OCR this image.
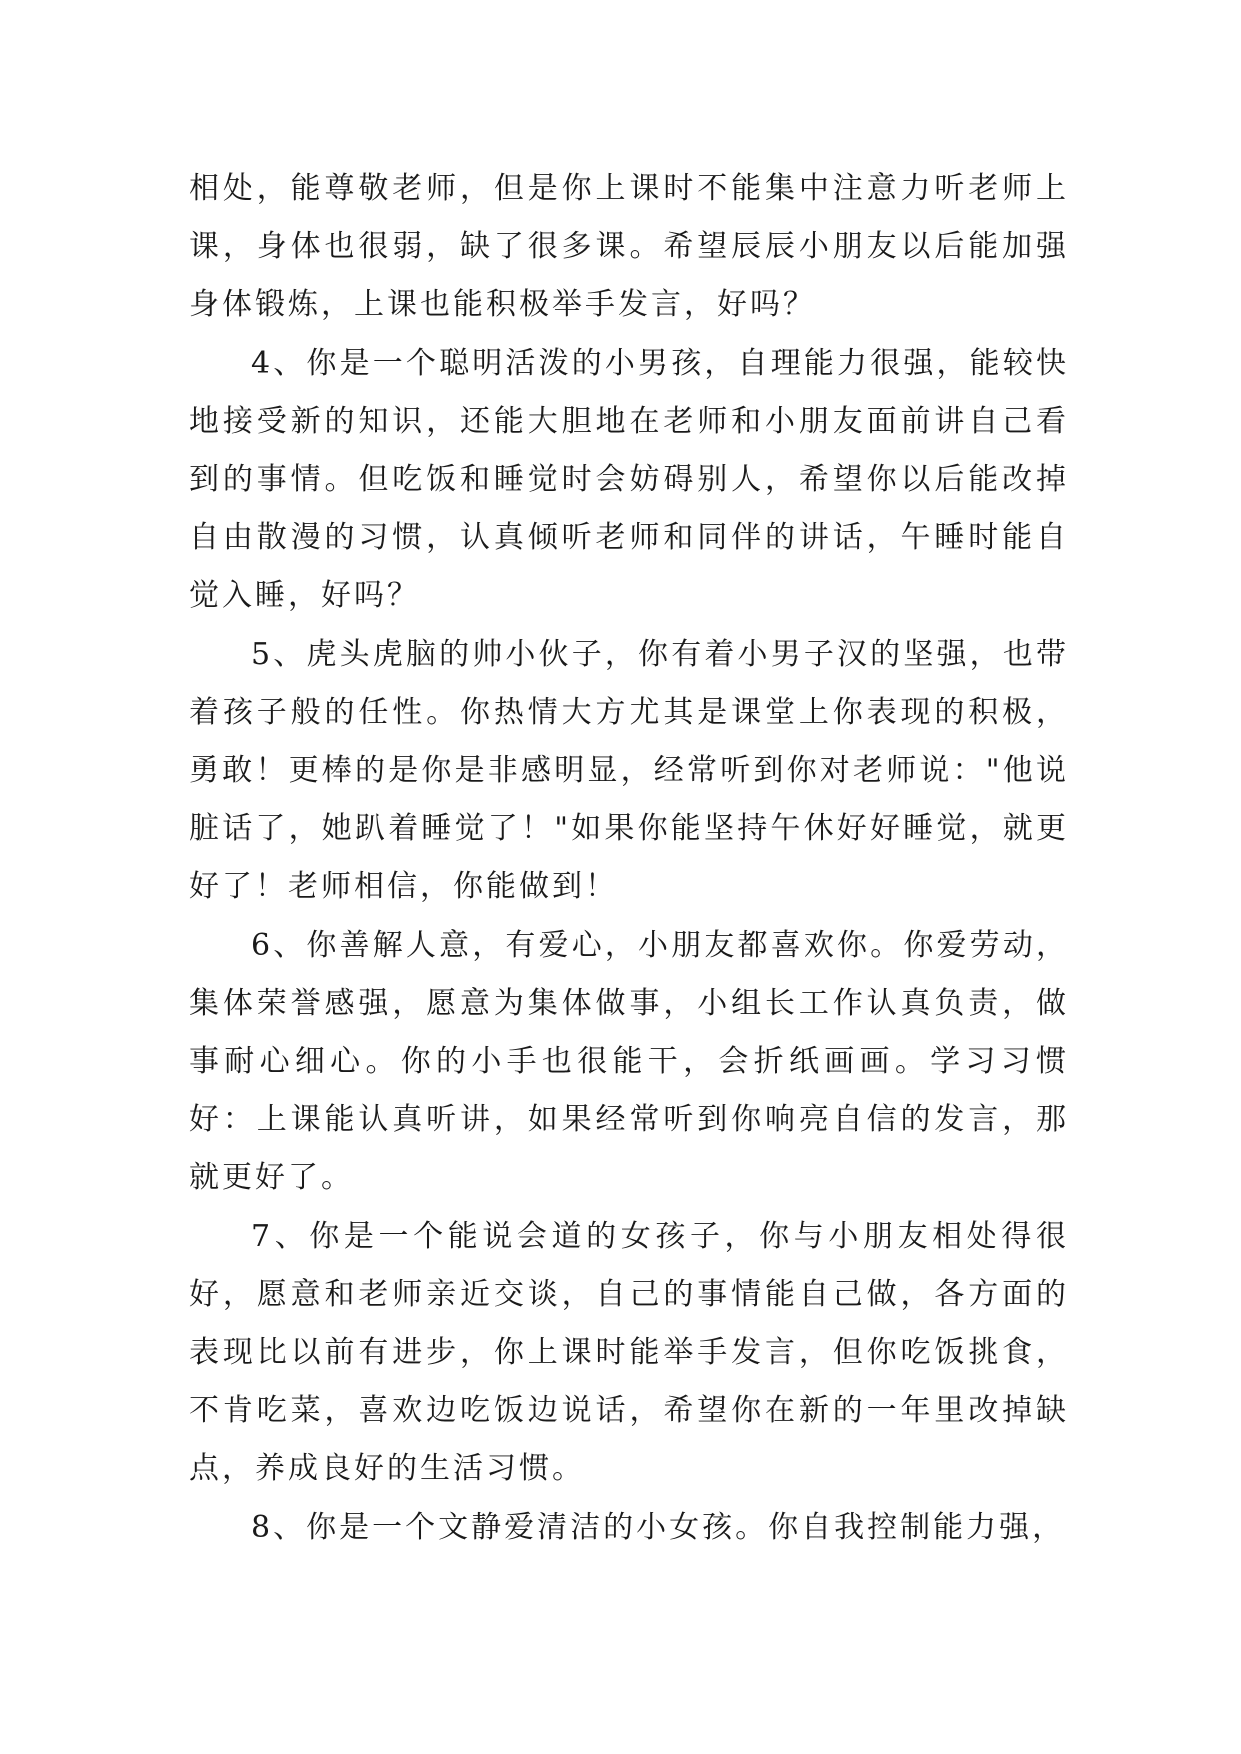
相处，能尊敬老师，但是你上课时不能集中注意力听老师上课，身体也很弱，缺了很多课。希望辰辰小朋友以后能加强身体锻炼，上课也能积极举手发言，好吗？

4、你是一个聪明活泼的小男孩，自理能力很强，能较快地接受新的知识，还能大胆地在老师和小朋友面前讲自己看到的事情。但吃饭和睡觉时会妨碍别人，希望你以后能改掉自由散漫的习惯，认真倾听老师和同伴的讲话，午睡时能自觉入睡，好吗？

5、虎头虎脑的帅小伙子，你有着小男子汉的坚强，也带着孩子般的任性。你热情大方尤其是课堂上你表现的积极，勇敢！更棒的是你是非感明显，经常听到你对老师说："他说脏话了，她趴着睡觉了！"如果你能坚持午休好好睡觉，就更好了！老师相信，你能做到！

6、你善解人意，有爱心，小朋友都喜欢你。你爱劳动，集体荣誉感强，愿意为集体做事，小组长工作认真负责，做事耐心细心。你的小手也很能干，会折纸画画。学习习惯好：上课能认真听讲，如果经常听到你响亮自信的发言，那就更好了。

7、你是一个能说会道的女孩子，你与小朋友相处得很好，愿意和老师亲近交谈，自己的事情能自己做，各方面的表现比以前有进步，你上课时能举手发言，但你吃饭挑食，不肯吃菜，喜欢边吃饭边说话，希望你在新的一年里改掉缺点，养成良好的生活习惯。

8、你是一个文静爱清洁的小女孩。你自我控制能力强，
